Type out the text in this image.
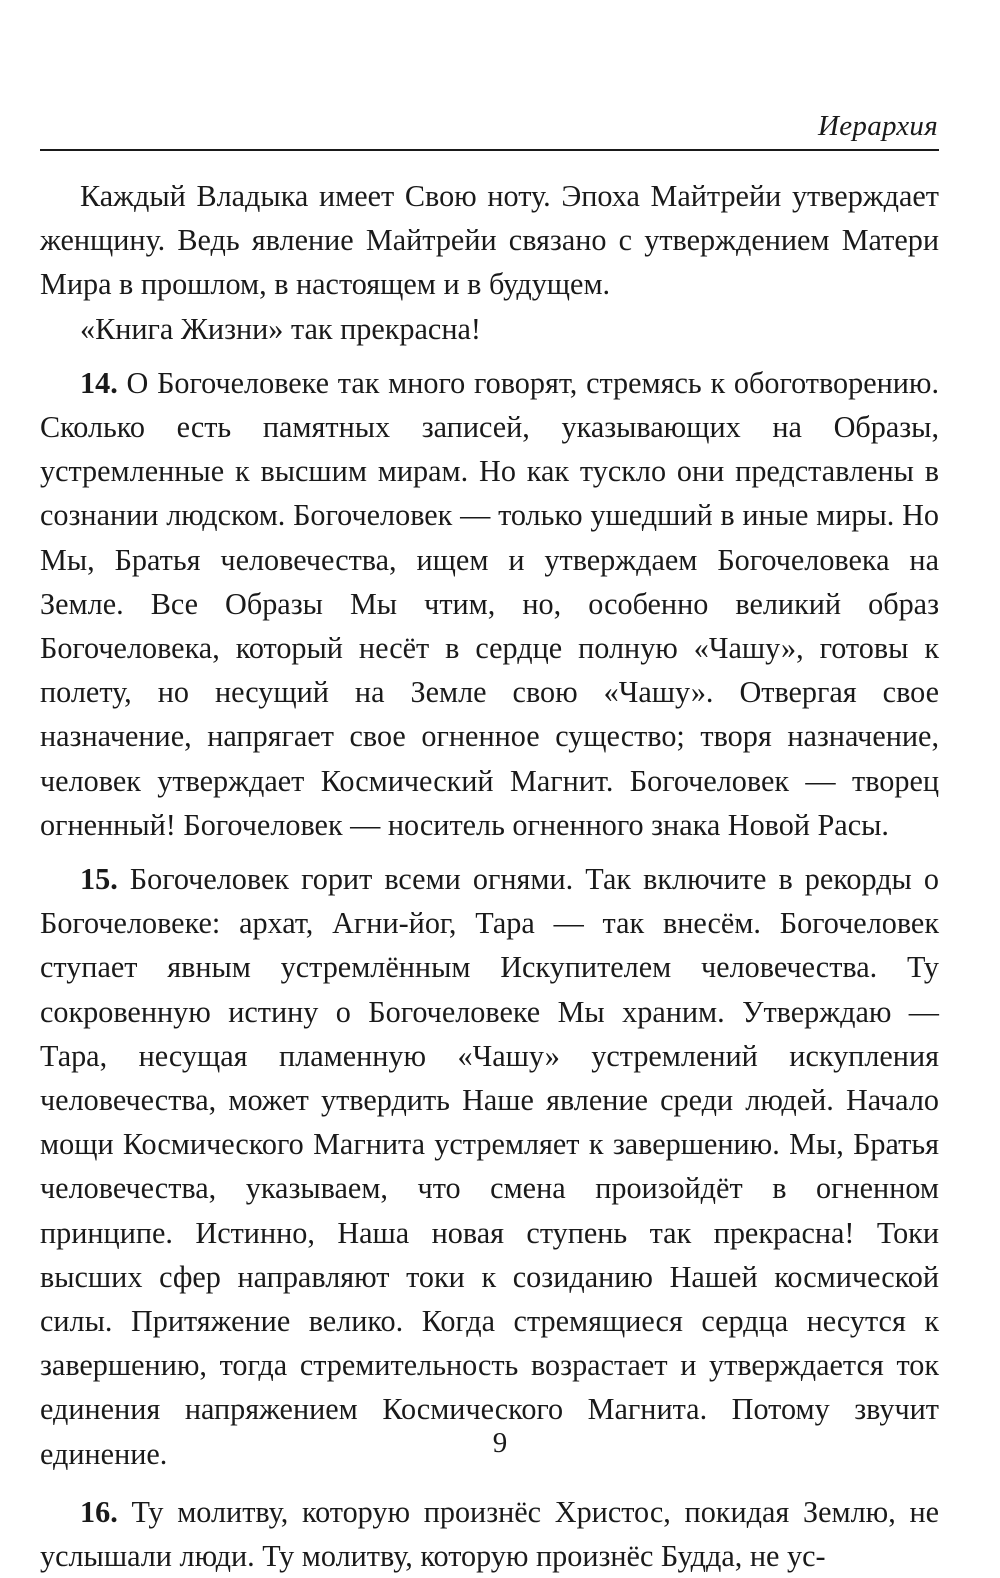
Иерархия

Каждый Владыка имеет Свою ноту. Эпоха Майтрейи утверждает женщину. Ведь явление Майтрейи связано с утверждением Матери Мира в прошлом, в настоящем и в будущем.

«Книга Жизни» так прекрасна!

14. О Богочеловеке так много говорят, стремясь к обоготворению. Сколько есть памятных записей, указывающих на Образы, устремленные к высшим мирам. Но как тускло они представлены в сознании людском. Богочеловек — только ушедший в иные миры. Но Мы, Братья человечества, ищем и утверждаем Богочеловека на Земле. Все Образы Мы чтим, но, особенно великий образ Богочеловека, который несёт в сердце полную «Чашу», готовы к полету, но несущий на Земле свою «Чашу». Отвергая свое назначение, напрягает свое огненное существо; творя назначение, человек утверждает Космический Магнит. Богочеловек — творец огненный! Богочеловек — носитель огненного знака Новой Расы.

15. Богочеловек горит всеми огнями. Так включите в рекорды о Богочеловеке: архат, Агни-йог, Тара — так внесём. Богочеловек ступает явным устремлённым Искупителем человечества. Ту сокровенную истину о Богочеловеке Мы храним. Утверждаю — Тара, несущая пламенную «Чашу» устремлений искупления человечества, может утвердить Наше явление среди людей. Начало мощи Космического Магнита устремляет к завершению. Мы, Братья человечества, указываем, что смена произойдёт в огненном принципе. Истинно, Наша новая ступень так прекрасна! Токи высших сфер направляют токи к созиданию Нашей космической силы. Притяжение велико. Когда стремящиеся сердца несутся к завершению, тогда стремительность возрастает и утверждается ток единения напряжением Космического Магнита. Потому звучит единение.

16. Ту молитву, которую произнёс Христос, покидая Землю, не услышали люди. Ту молитву, которую произнёс Будда, не ус-

9
